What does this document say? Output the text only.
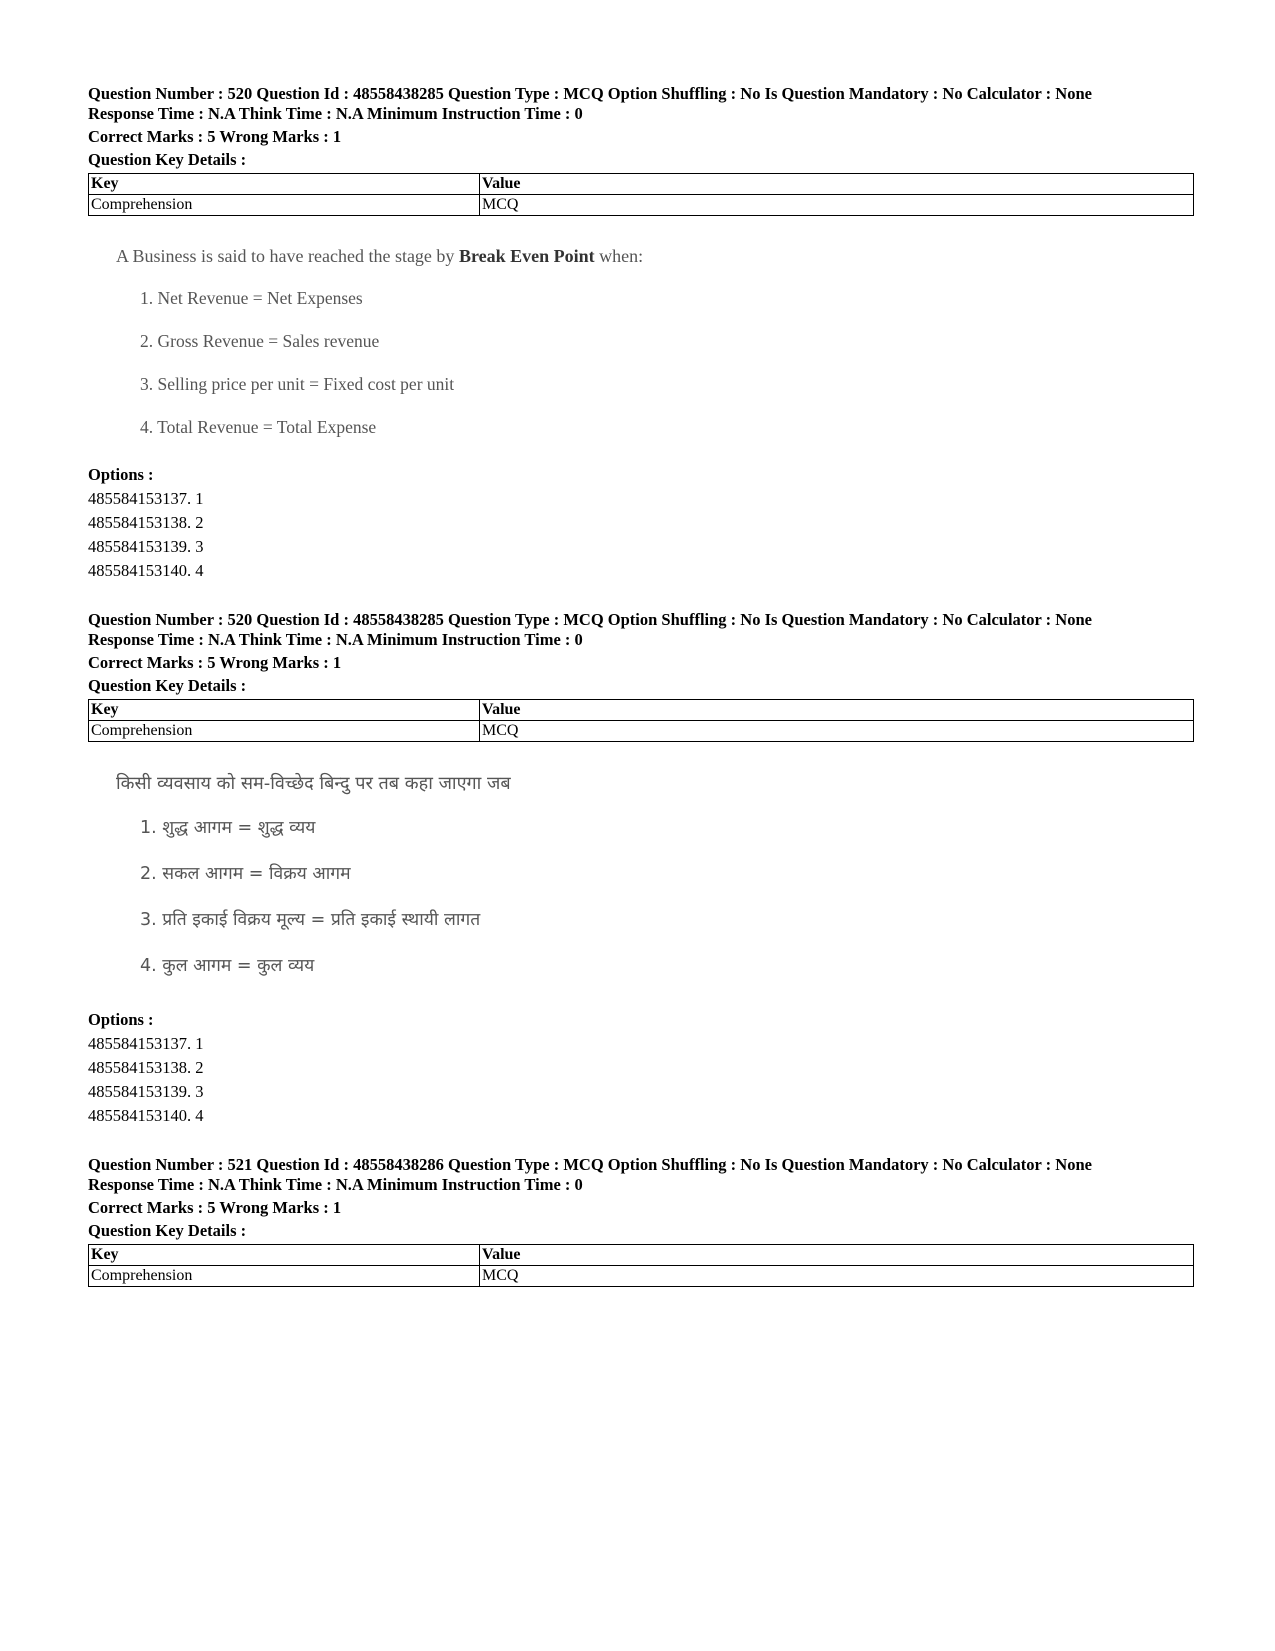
Question Number : 520 Question Id : 48558438285 Question Type : MCQ Option Shuffling : No Is Question Mandatory : No Calculator : None
Response Time : N.A Think Time : N.A Minimum Instruction Time : 0
Correct Marks : 5 Wrong Marks : 1
Question Key Details :
Key	Value
Comprehension	MCQ
A Business is said to have reached the stage by Break Even Point when:
1. Net Revenue = Net Expenses
2. Gross Revenue = Sales revenue
3. Selling price per unit = Fixed cost per unit
4. Total Revenue = Total Expense
Options :
485584153137. 1
485584153138. 2
485584153139. 3
485584153140. 4
Question Number : 520 Question Id : 48558438285 Question Type : MCQ Option Shuffling : No Is Question Mandatory : No Calculator : None
Response Time : N.A Think Time : N.A Minimum Instruction Time : 0
Correct Marks : 5 Wrong Marks : 1
Question Key Details :
Key	Value
Comprehension	MCQ
किसी व्यवसाय को सम-विच्छेद बिन्दु पर तब कहा जाएगा जब
1. शुद्ध आगम = शुद्ध व्यय
2. सकल आगम = विक्रय आगम
3. प्रति इकाई विक्रय मूल्य = प्रति इकाई स्थायी लागत
4. कुल आगम = कुल व्यय
Options :
485584153137. 1
485584153138. 2
485584153139. 3
485584153140. 4
Question Number : 521 Question Id : 48558438286 Question Type : MCQ Option Shuffling : No Is Question Mandatory : No Calculator : None
Response Time : N.A Think Time : N.A Minimum Instruction Time : 0
Correct Marks : 5 Wrong Marks : 1
Question Key Details :
Key	Value
Comprehension	MCQ
